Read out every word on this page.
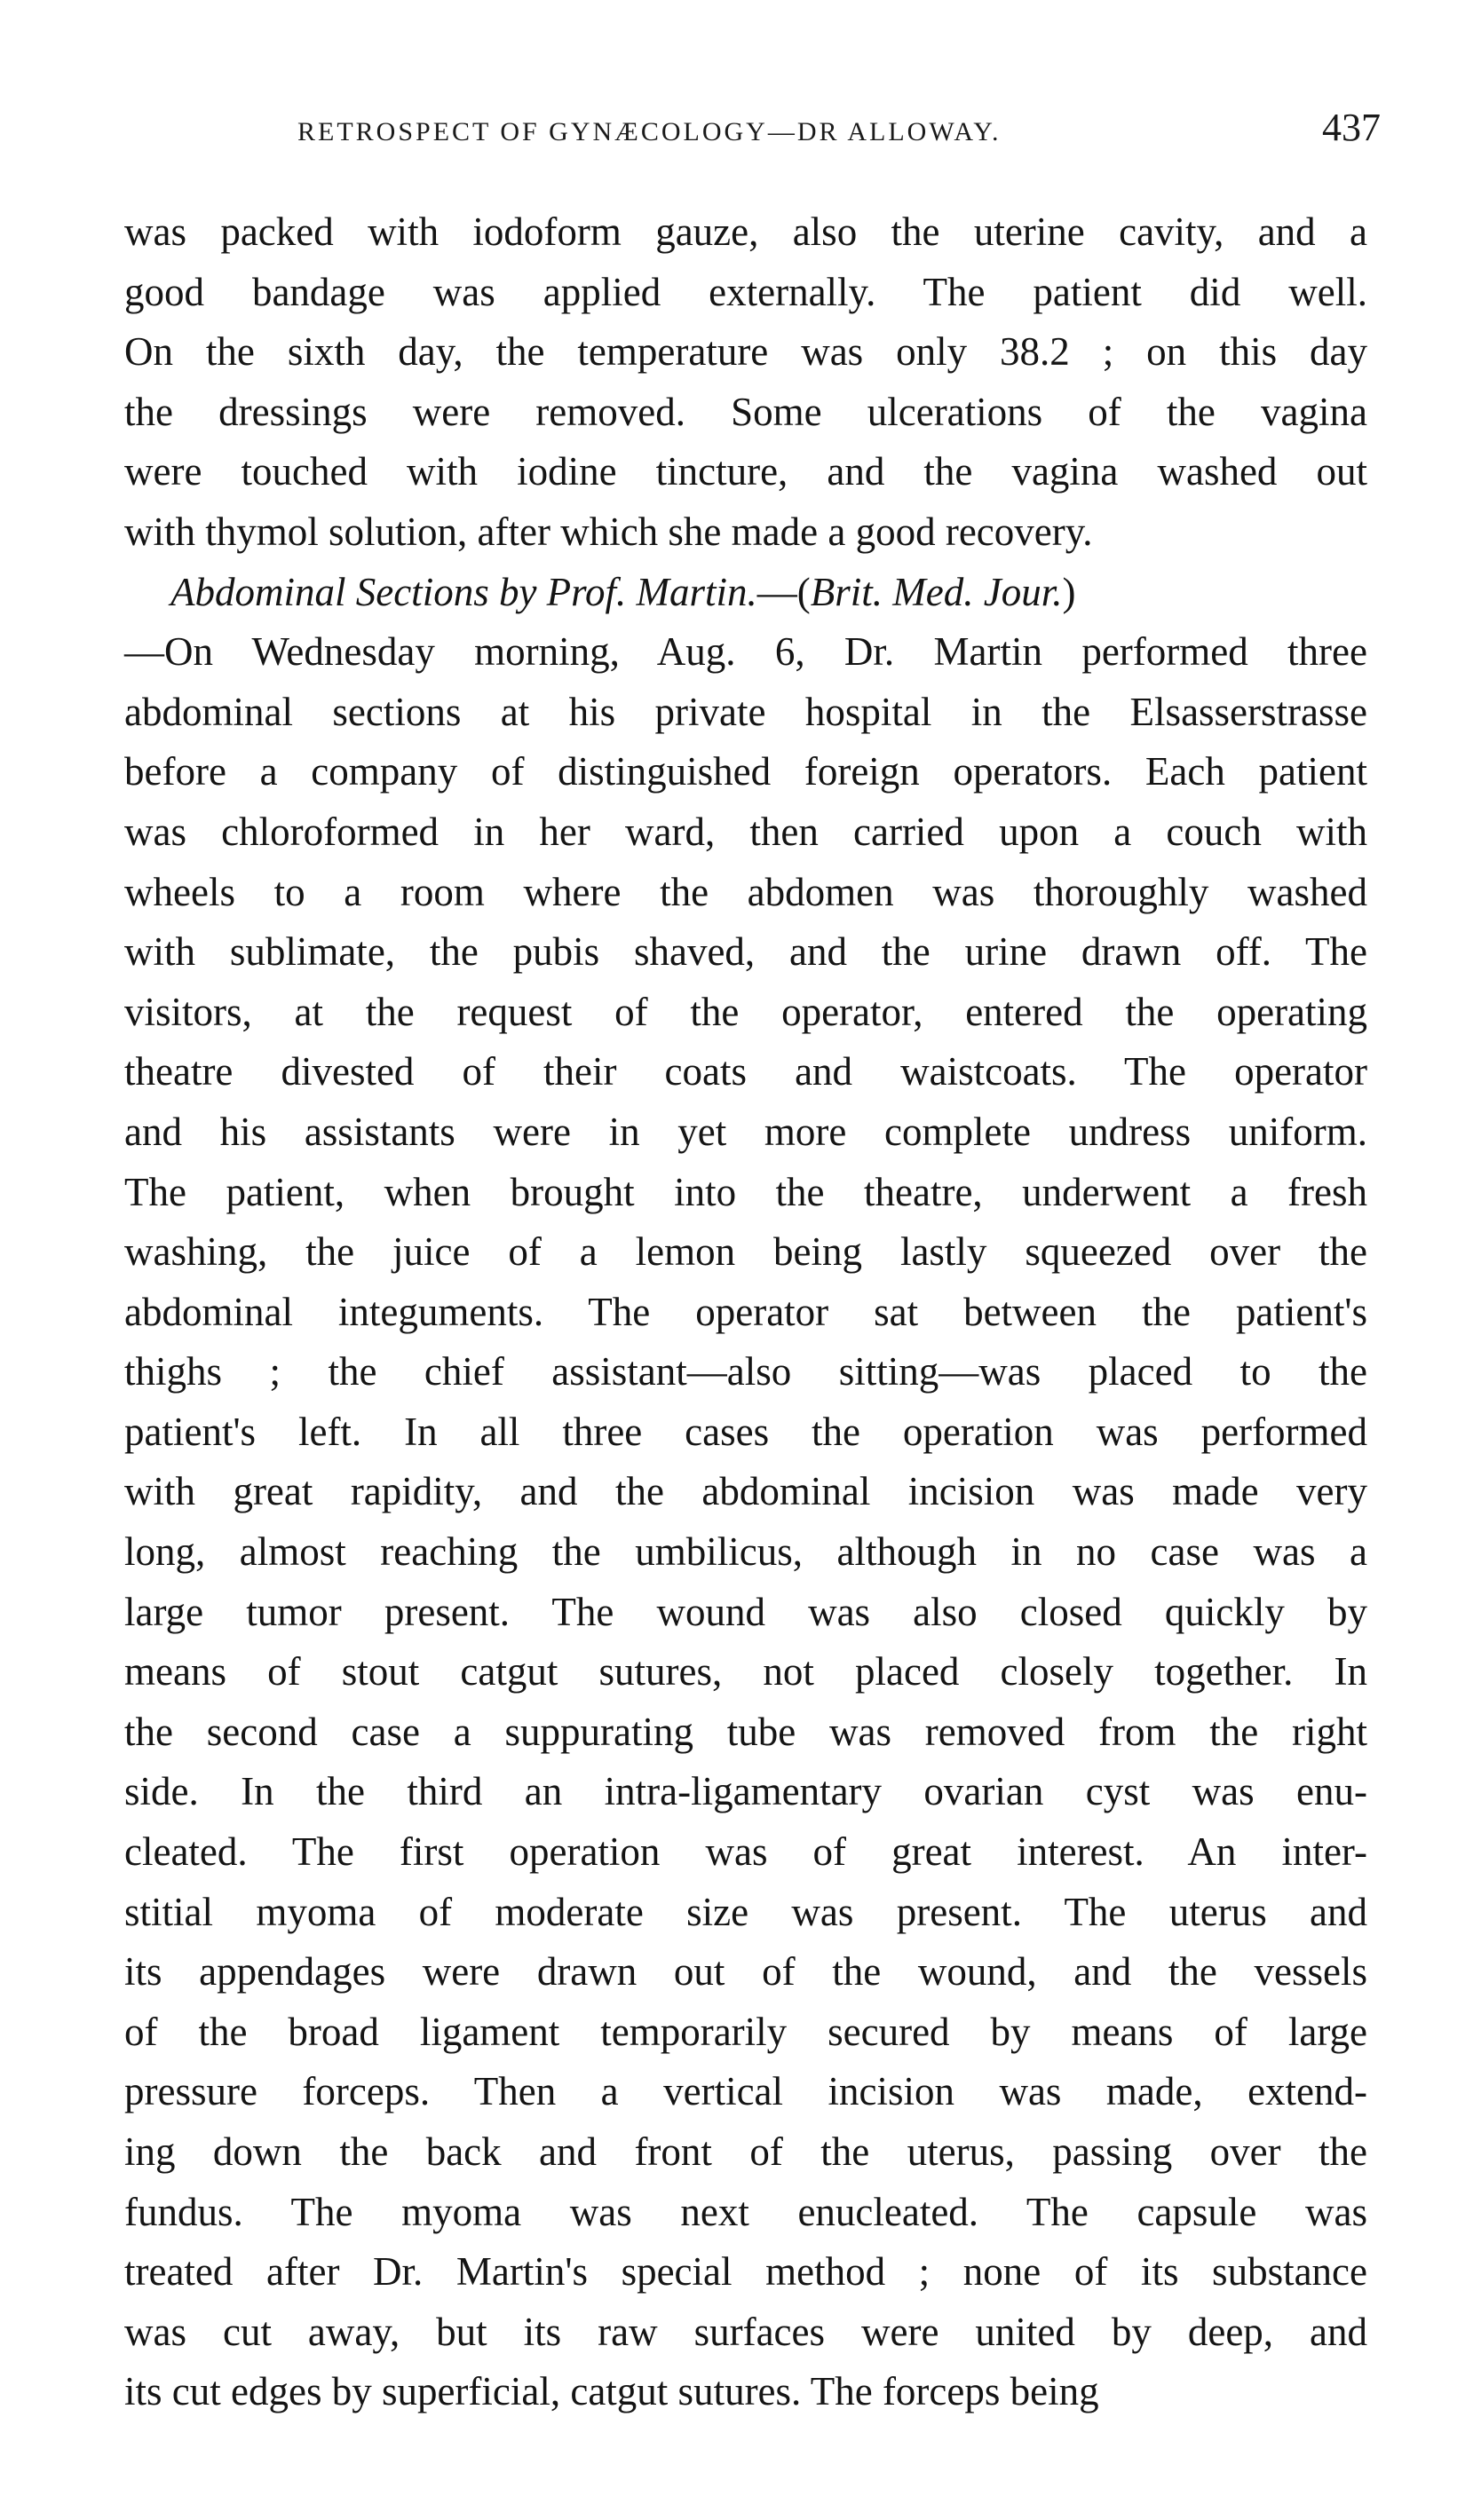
RETROSPECT OF GYNÆCOLOGY—DR ALLOWAY.	437
was packed with iodoform gauze, also the uterine cavity, and a
good bandage was applied externally. The patient did well.
On the sixth day, the temperature was only 38.2 ; on this day
the dressings were removed. Some ulcerations of the vagina
were touched with iodine tincture, and the vagina washed out
with thymol solution, after which she made a good recovery.
Abdominal Sections by Prof. Martin.—(Brit. Med. Jour.)
—On Wednesday morning, Aug. 6, Dr. Martin performed three
abdominal sections at his private hospital in the Elsasserstrasse
before a company of distinguished foreign operators. Each patient
was chloroformed in her ward, then carried upon a couch with
wheels to a room where the abdomen was thoroughly washed
with sublimate, the pubis shaved, and the urine drawn off. The
visitors, at the request of the operator, entered the operating
theatre divested of their coats and waistcoats. The operator
and his assistants were in yet more complete undress uniform.
The patient, when brought into the theatre, underwent a fresh
washing, the juice of a lemon being lastly squeezed over the
abdominal integuments. The operator sat between the patient's
thighs ; the chief assistant—also sitting—was placed to the
patient's left. In all three cases the operation was performed
with great rapidity, and the abdominal incision was made very
long, almost reaching the umbilicus, although in no case was a
large tumor present. The wound was also closed quickly by
means of stout catgut sutures, not placed closely together. In
the second case a suppurating tube was removed from the right
side. In the third an intra-ligamentary ovarian cyst was enu-
cleated. The first operation was of great interest. An inter-
stitial myoma of moderate size was present. The uterus and
its appendages were drawn out of the wound, and the vessels
of the broad ligament temporarily secured by means of large
pressure forceps. Then a vertical incision was made, extend-
ing down the back and front of the uterus, passing over the
fundus. The myoma was next enucleated. The capsule was
treated after Dr. Martin's special method ; none of its substance
was cut away, but its raw surfaces were united by deep, and
its cut edges by superficial, catgut sutures. The forceps being
